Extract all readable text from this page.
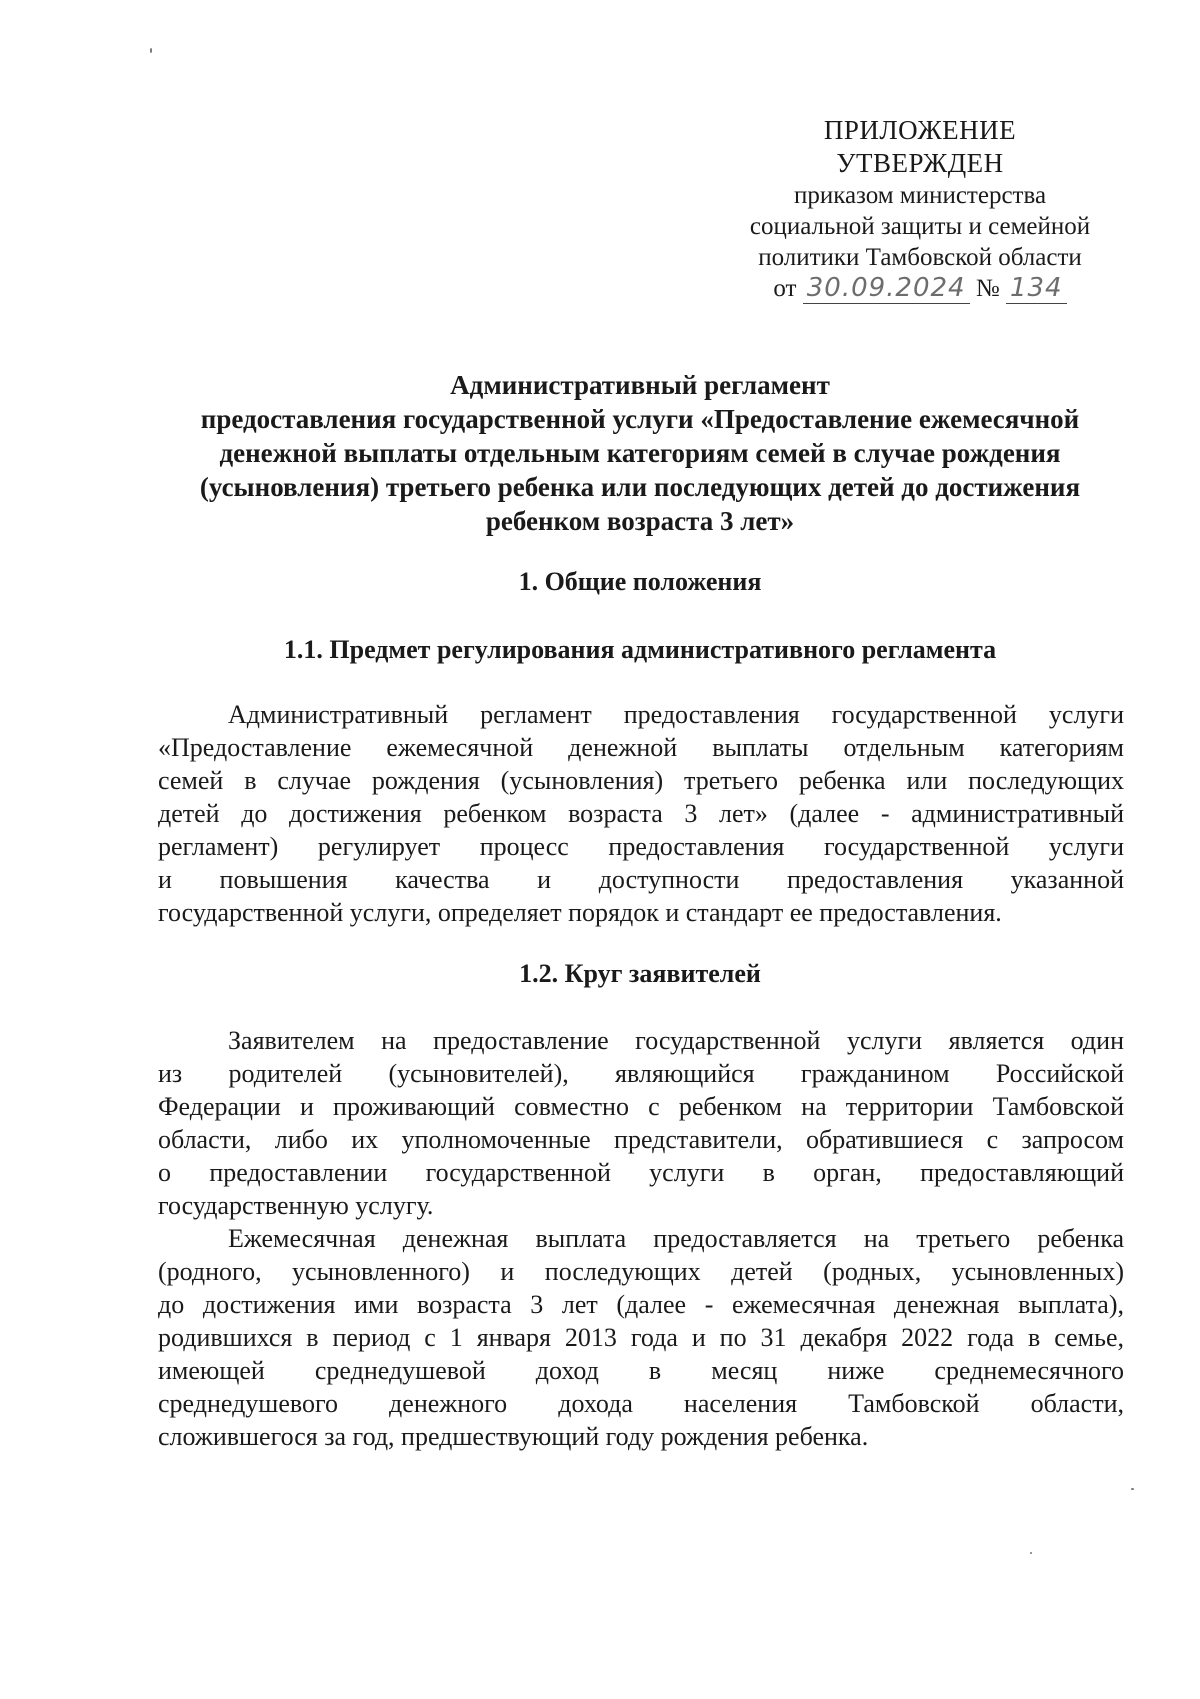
ПРИЛОЖЕНИЕ
УТВЕРЖДЕН
приказом министерства
социальной защиты и семейной
политики Тамбовской области
от 30.09.2024 № 134
Административный регламент
предоставления государственной услуги «Предоставление ежемесячной
денежной выплаты отдельным категориям семей в случае рождения
(усыновления) третьего ребенка или последующих детей до достижения
ребенком возраста 3 лет»
1. Общие положения
1.1. Предмет регулирования административного регламента
Административный регламент предоставления государственной услуги
«Предоставление ежемесячной денежной выплаты отдельным категориям
семей в случае рождения (усыновления) третьего ребенка или последующих
детей до достижения ребенком возраста 3 лет» (далее - административный
регламент) регулирует процесс предоставления государственной услуги
и повышения качества и доступности предоставления указанной
государственной услуги, определяет порядок и стандарт ее предоставления.
1.2. Круг заявителей
Заявителем на предоставление государственной услуги является один
из родителей (усыновителей), являющийся гражданином Российской
Федерации и проживающий совместно с ребенком на территории Тамбовской
области, либо их уполномоченные представители, обратившиеся с запросом
о предоставлении государственной услуги в орган, предоставляющий
государственную услугу.
Ежемесячная денежная выплата предоставляется на третьего ребенка
(родного, усыновленного) и последующих детей (родных, усыновленных)
до достижения ими возраста 3 лет (далее - ежемесячная денежная выплата),
родившихся в период с 1 января 2013 года и по 31 декабря 2022 года в семье,
имеющей среднедушевой доход в месяц ниже среднемесячного
среднедушевого денежного дохода населения Тамбовской области,
сложившегося за год, предшествующий году рождения ребенка.
